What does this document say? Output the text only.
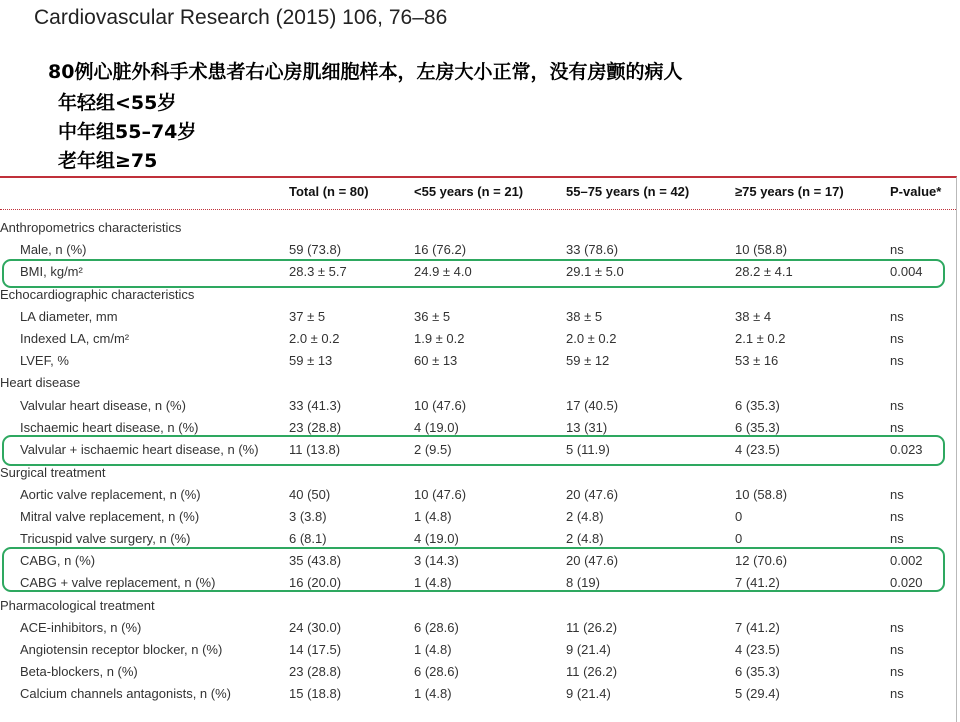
Cardiovascular Research (2015) 106, 76–86
80例心脏外科手术患者右心房肌细胞样本，左房大小正常，没有房颤的病人
年轻组<55岁
中年组55–74岁
老年组≥75
Total (n = 80)	<55 years (n = 21)	55–75 years (n = 42)	≥75 years (n = 17)	P-value*
Anthropometrics characteristics
Male, n (%)	59 (73.8)	16 (76.2)	33 (78.6)	10 (58.8)	ns
BMI, kg/m²	28.3 ± 5.7	24.9 ± 4.0	29.1 ± 5.0	28.2 ± 4.1	0.004
Echocardiographic characteristics
LA diameter, mm	37 ± 5	36 ± 5	38 ± 5	38 ± 4	ns
Indexed LA, cm/m²	2.0 ± 0.2	1.9 ± 0.2	2.0 ± 0.2	2.1 ± 0.2	ns
LVEF, %	59 ± 13	60 ± 13	59 ± 12	53 ± 16	ns
Heart disease
Valvular heart disease, n (%)	33 (41.3)	10 (47.6)	17 (40.5)	6 (35.3)	ns
Ischaemic heart disease, n (%)	23 (28.8)	4 (19.0)	13 (31)	6 (35.3)	ns
Valvular + ischaemic heart disease, n (%) 11 (13.8)	2 (9.5)	5 (11.9)	4 (23.5)	0.023
Surgical treatment
Aortic valve replacement, n (%)	40 (50)	10 (47.6)	20 (47.6)	10 (58.8)	ns
Mitral valve replacement, n (%)	3 (3.8)	1 (4.8)	2 (4.8)	0	ns
Tricuspid valve surgery, n (%)	6 (8.1)	4 (19.0)	2 (4.8)	0	ns
CABG, n (%)	35 (43.8)	3 (14.3)	20 (47.6)	12 (70.6)	0.002
CABG + valve replacement, n (%)	16 (20.0)	1 (4.8)	8 (19)	7 (41.2)	0.020
Pharmacological treatment
ACE-inhibitors, n (%)	24 (30.0)	6 (28.6)	11 (26.2)	7 (41.2)	ns
Angiotensin receptor blocker, n (%)	14 (17.5)	1 (4.8)	9 (21.4)	4 (23.5)	ns
Beta-blockers, n (%)	23 (28.8)	6 (28.6)	11 (26.2)	6 (35.3)	ns
Calcium channels antagonists, n (%)	15 (18.8)	1 (4.8)	9 (21.4)	5 (29.4)	ns
